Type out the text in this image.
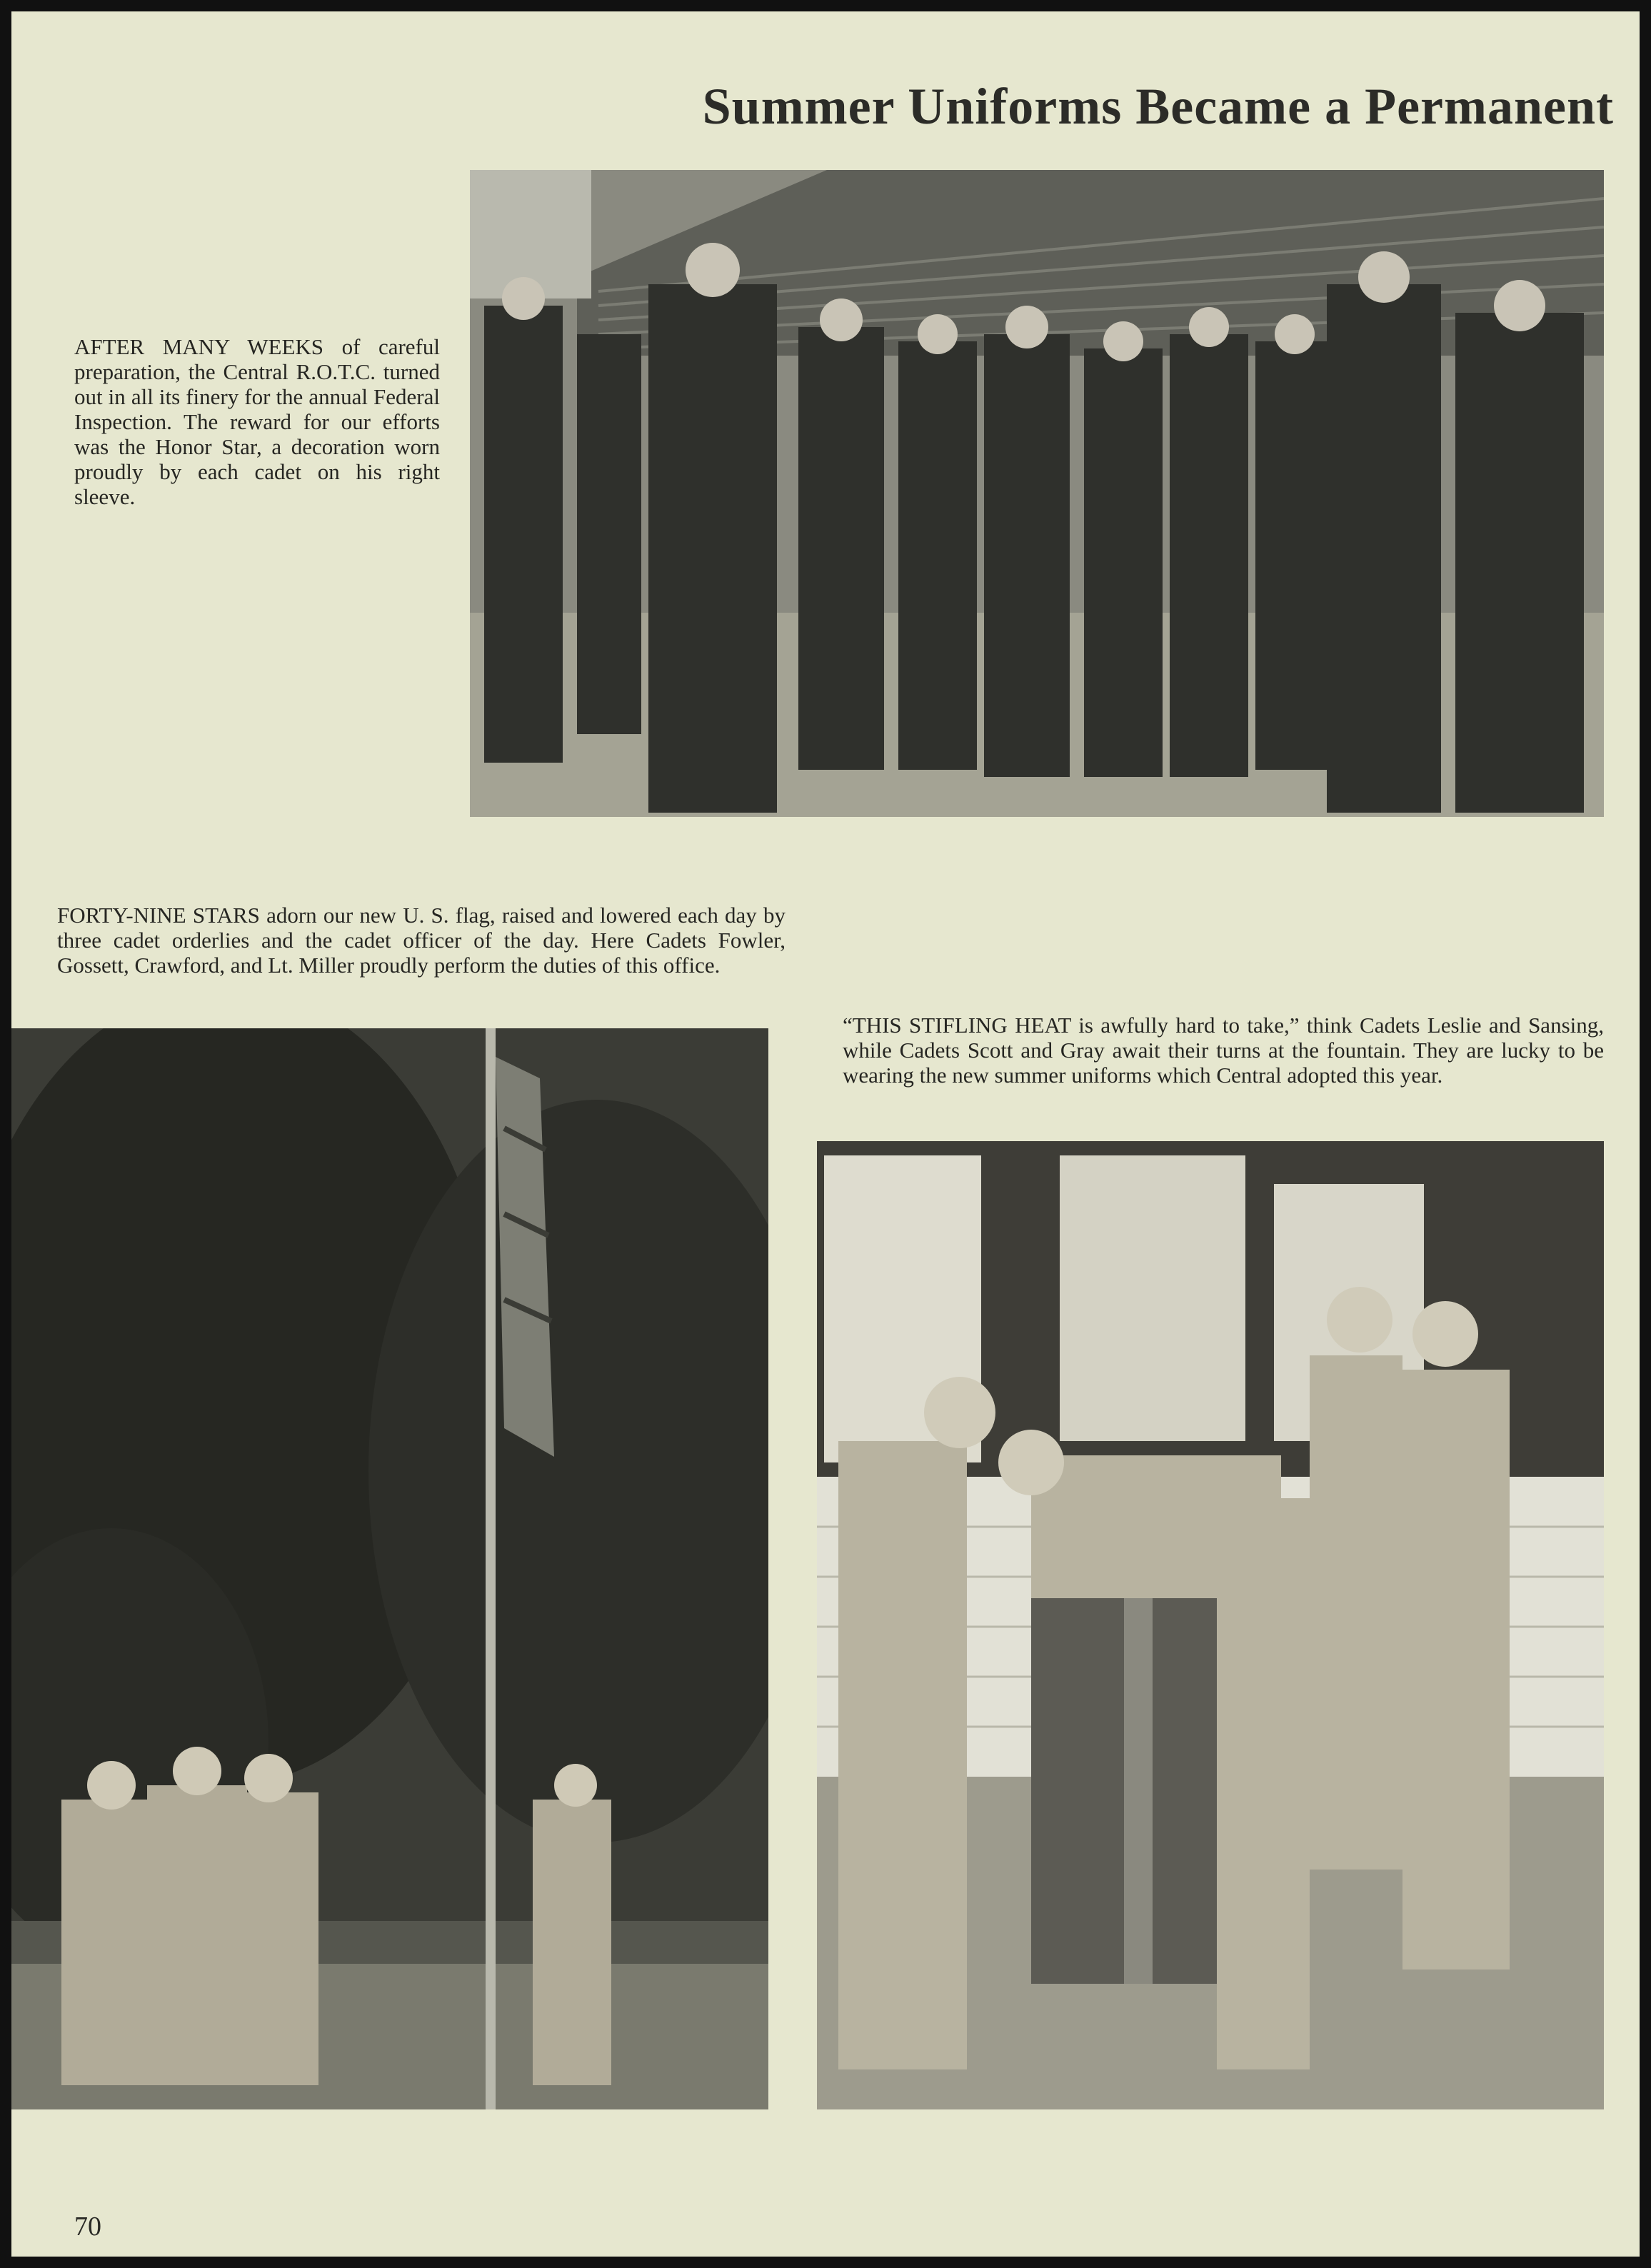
Summer Uniforms Became a Permanent
AFTER MANY WEEKS of careful preparation, the Central R.O.T.C. turned out in all its finery for the annual Federal Inspection. The reward for our efforts was the Honor Star, a decoration worn proudly by each cadet on his right sleeve.
FORTY-NINE STARS adorn our new U. S. flag, raised and lowered each day by three cadet orderlies and the cadet officer of the day. Here Cadets Fowler, Gossett, Crawford, and Lt. Miller proudly perform the duties of this office.
“THIS STIFLING HEAT is awfully hard to take,” think Cadets Leslie and Sansing, while Cadets Scott and Gray await their turns at the fountain. They are lucky to be wearing the new summer uniforms which Central adopted this year.
70
